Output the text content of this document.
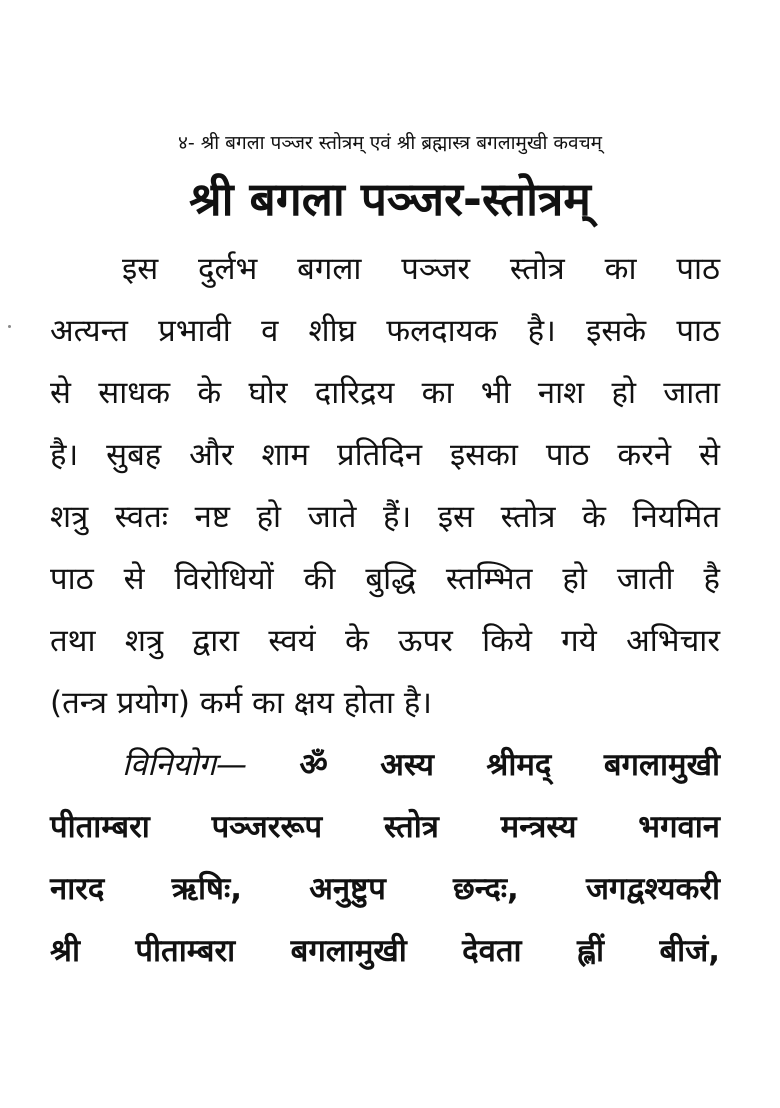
४- श्री बगला पञ्जर स्तोत्रम् एवं श्री ब्रह्मास्त्र बगलामुखी कवचम्
श्री बगला पञ्जर-स्तोत्रम्
इस दुर्लभ बगला पञ्जर स्तोत्र का पाठ
अत्यन्त प्रभावी व शीघ्र फलदायक है। इसके पाठ
से साधक के घोर दारिद्रय का भी नाश हो जाता
है। सुबह और शाम प्रतिदिन इसका पाठ करने से
शत्रु स्वतः नष्ट हो जाते हैं। इस स्तोत्र के नियमित
पाठ से विरोधियों की बुद्धि स्तम्भित हो जाती है
तथा शत्रु द्वारा स्वयं के ऊपर किये गये अभिचार
(तन्त्र प्रयोग) कर्म का क्षय होता है।
विनियोग— ॐ अस्य श्रीमद् बगलामुखी
पीताम्बरा पञ्जररूप स्तोत्र मन्त्रस्य भगवान
नारद ऋषिः, अनुष्टुप छन्दः, जगद्वश्यकरी
श्री पीताम्बरा बगलामुखी देवता ह्लीं बीजं,
